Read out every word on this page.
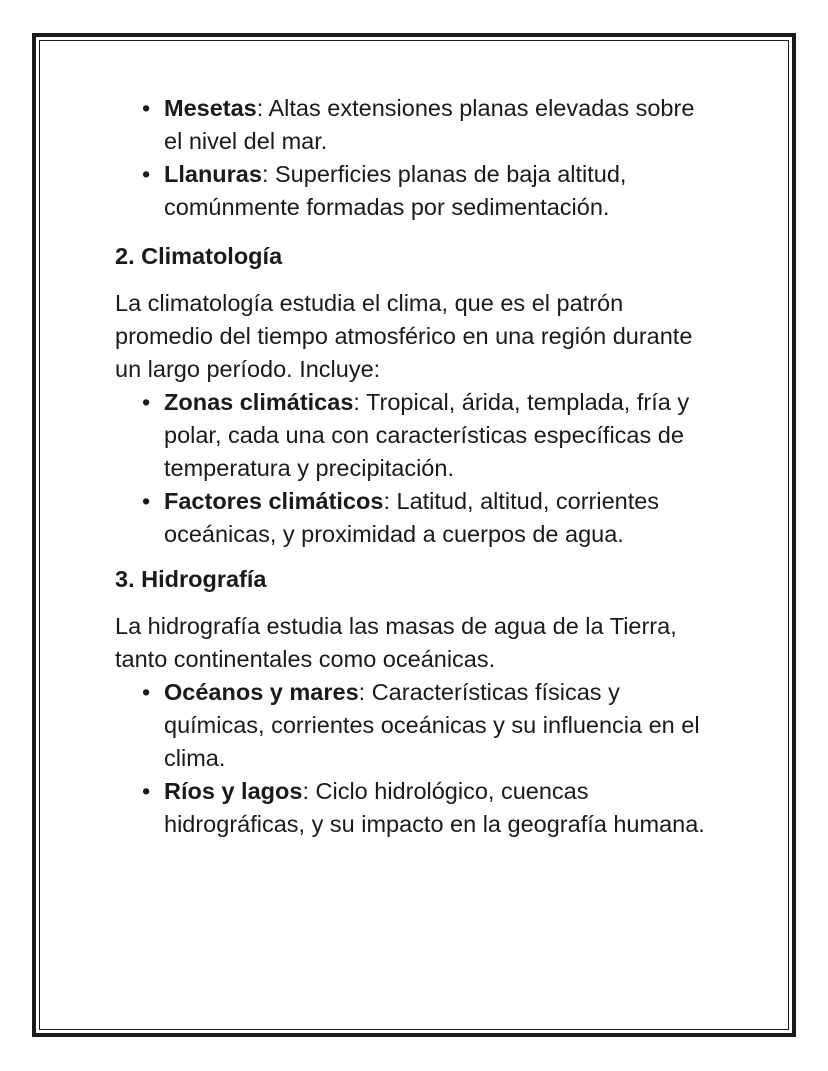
• Mesetas: Altas extensiones planas elevadas sobre el nivel del mar.
• Llanuras: Superficies planas de baja altitud, comúnmente formadas por sedimentación.

2. Climatología

La climatología estudia el clima, que es el patrón promedio del tiempo atmosférico en una región durante un largo período. Incluye:

• Zonas climáticas: Tropical, árida, templada, fría y polar, cada una con características específicas de temperatura y precipitación.
• Factores climáticos: Latitud, altitud, corrientes oceánicas, y proximidad a cuerpos de agua.

3. Hidrografía

La hidrografía estudia las masas de agua de la Tierra, tanto continentales como oceánicas.

• Océanos y mares: Características físicas y químicas, corrientes oceánicas y su influencia en el clima.
• Ríos y lagos: Ciclo hidrológico, cuencas hidrográficas, y su impacto en la geografía humana.
